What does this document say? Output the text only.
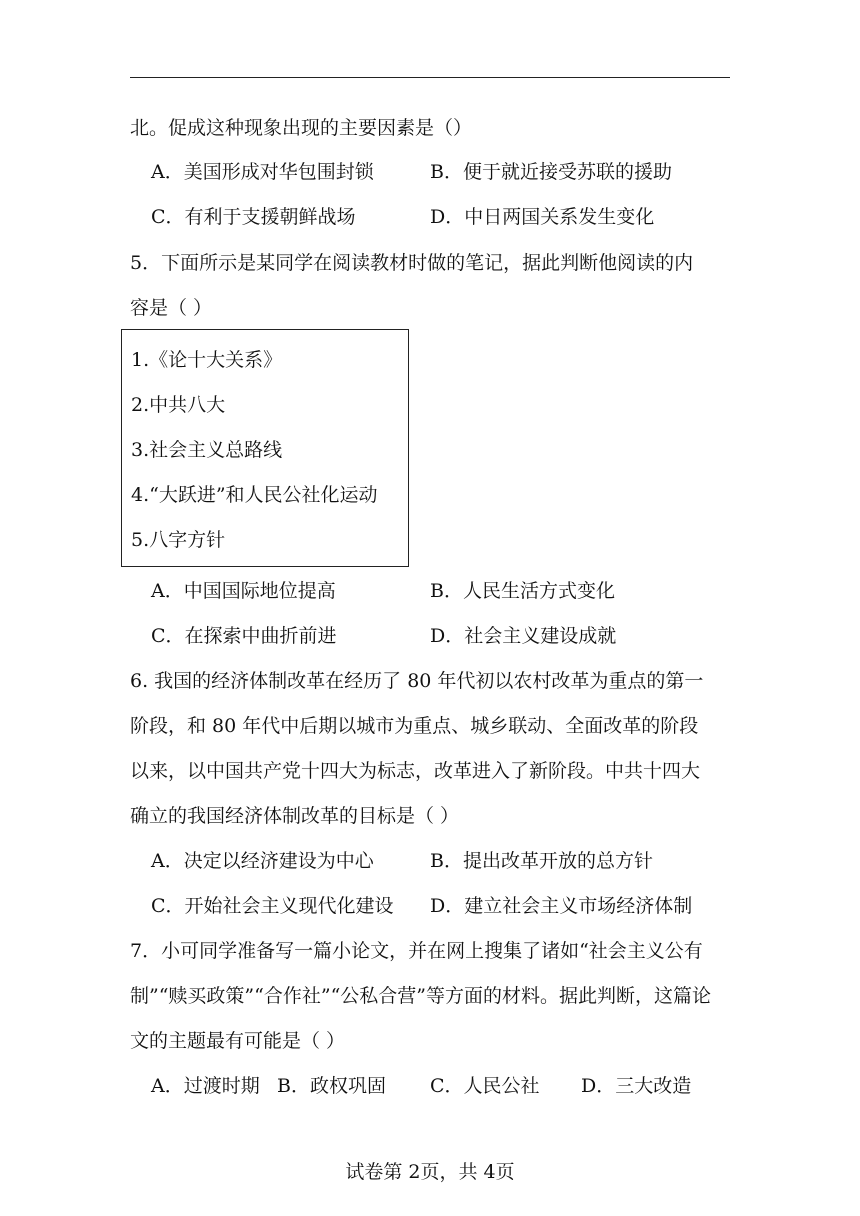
北。促成这种现象出现的主要因素是（）
A．美国形成对华包围封锁	B．便于就近接受苏联的援助
C．有利于支援朝鲜战场	D．中日两国关系发生变化
5．下面所示是某同学在阅读教材时做的笔记，据此判断他阅读的内
容是（ ）
1.《论十大关系》
2.中共八大
3.社会主义总路线
4.“大跃进”和人民公社化运动
5.八字方针
A．中国国际地位提高	B．人民生活方式变化
C．在探索中曲折前进	D．社会主义建设成就
6. 我国的经济体制改革在经历了 80 年代初以农村改革为重点的第一
阶段，和 80 年代中后期以城市为重点、城乡联动、全面改革的阶段
以来，以中国共产党十四大为标志，改革进入了新阶段。中共十四大
确立的我国经济体制改革的目标是（ ）
A．决定以经济建设为中心	B．提出改革开放的总方针
C．开始社会主义现代化建设 D．建立社会主义市场经济体制
7．小可同学准备写一篇小论文，并在网上搜集了诸如“社会主义公有
制”“赎买政策”“合作社”“公私合营”等方面的材料。据此判断，这篇论
文的主题最有可能是（ ）
A．过渡时期 B．政权巩固 C．人民公社 D．三大改造
试卷第 2页，共 4页
